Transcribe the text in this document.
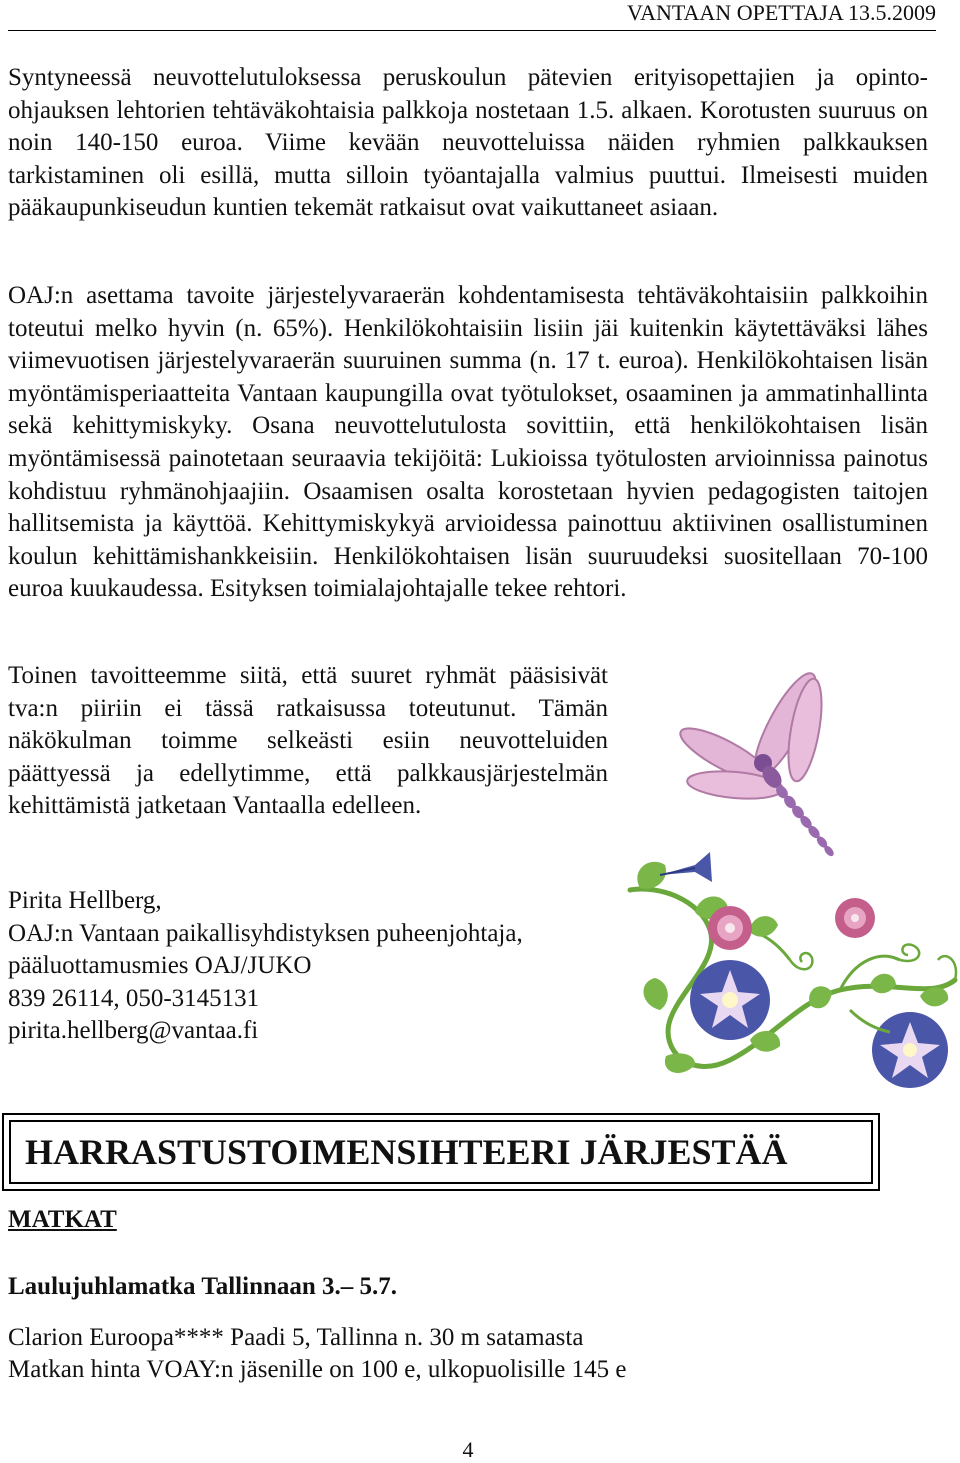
VANTAAN OPETTAJA 13.5.2009

Syntyneessä neuvottelutuloksessa peruskoulun pätevien erityisopettajien ja opinto-ohjauksen lehtorien tehtäväkohtaisia palkkoja nostetaan 1.5. alkaen. Korotusten suuruus on noin 140-150 euroa. Viime kevään neuvotteluissa näiden ryhmien palkkauksen tarkistaminen oli esillä, mutta silloin työantajalla valmius puuttui. Ilmeisesti muiden pääkaupunkiseudun kuntien tekemät ratkaisut ovat vaikuttaneet asiaan.

OAJ:n asettama tavoite järjestelyvaraerän kohdentamisesta tehtäväkohtaisiin palkkoihin toteutui melko hyvin (n. 65%). Henkilökohtaisiin lisiin jäi kuitenkin käytettäväksi lähes viimevuotisen järjestelyvaraerän suuruinen summa (n. 17 t. euroa). Henkilökohtaisen lisän myöntämisperiaatteita Vantaan kaupungilla ovat työtulokset, osaaminen ja ammatinhallinta sekä kehittymiskyky. Osana neuvottelutulosta sovittiin, että henkilökohtaisen lisän myöntämisessä painotetaan seuraavia tekijöitä: Lukioissa työtulosten arvioinnissa painotus kohdistuu ryhmänohjaajiin. Osaamisen osalta korostetaan hyvien pedagogisten taitojen hallitsemista ja käyttöä. Kehittymiskykyä arvioidessa painottuu aktiivinen osallistuminen koulun kehittämishankkeisiin. Henkilökohtaisen lisän suuruudeksi suositellaan 70-100 euroa kuukaudessa. Esityksen toimialajohtajalle tekee rehtori.

Toinen tavoitteemme siitä, että suuret ryhmät pääsisivät tva:n piiriin ei tässä ratkaisussa toteutunut. Tämän näkökulman toimme selkeästi esiin neuvotteluiden päättyessä ja edellytimme, että palkkausjärjestelmän kehittämistä jatketaan Vantaalla edelleen.

Pirita Hellberg,
OAJ:n Vantaan paikallisyhdistyksen puheenjohtaja,
pääluottamusmies OAJ/JUKO
839 26114, 050-3145131
pirita.hellberg@vantaa.fi
HARRASTUSTOIMENSIHTEERI JÄRJESTÄÄ
MATKAT
Laulujuhlamatka Tallinnaan 3.– 5.7.
Clarion Euroopa**** Paadi 5, Tallinna n. 30 m satamasta
Matkan hinta VOAY:n jäsenille on 100 e, ulkopuolisille 145 e
4
